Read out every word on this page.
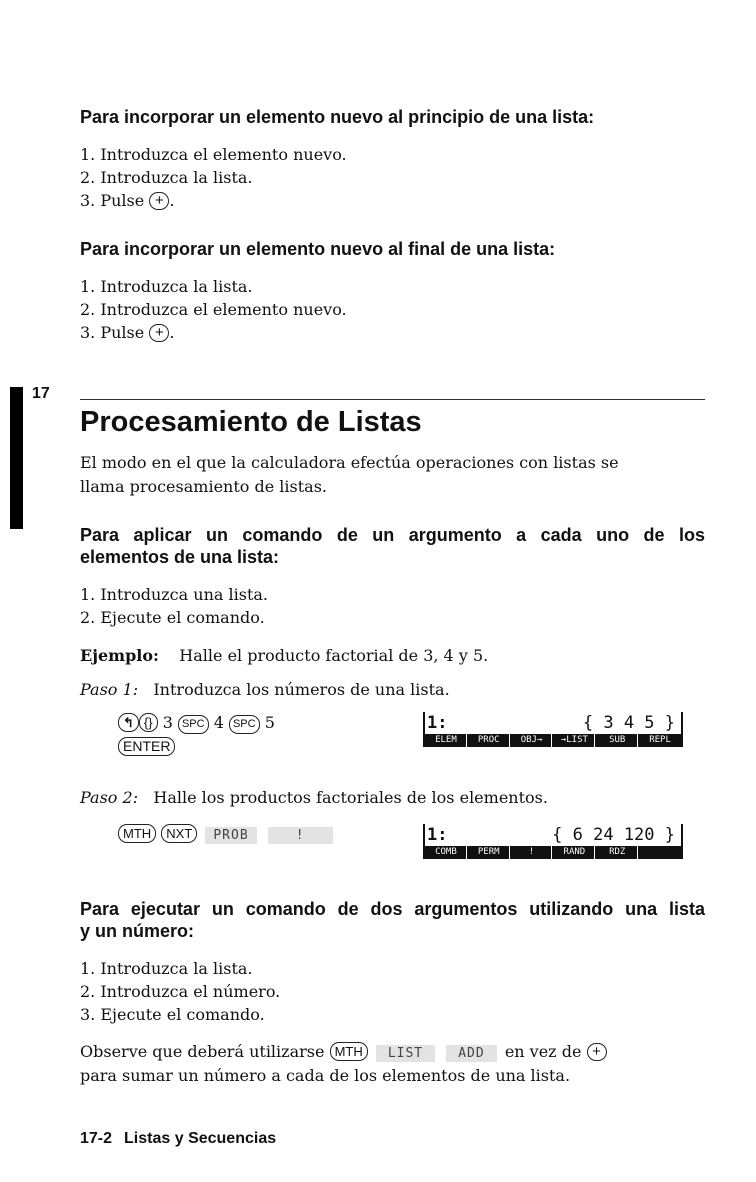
Para incorporar un elemento nuevo al principio de una lista:
1. Introduzca el elemento nuevo.
2. Introduzca la lista.
3. Pulse + .
Para incorporar un elemento nuevo al final de una lista:
1. Introduzca la lista.
2. Introduzca el elemento nuevo.
3. Pulse + .
17
Procesamiento de Listas
El modo en el que la calculadora efectúa operaciones con listas se
llama procesamiento de listas.
Para aplicar un comando de un argumento a cada uno de los
elementos de una lista:
1. Introduzca una lista.
2. Ejecute el comando.
Ejemplo: Halle el producto factorial de 3, 4 y 5.
Paso 1: Introduzca los números de una lista.
↰ {} 3 SPC 4 SPC 5
ENTER
1:	{ 3 4 5 }
ELEM	PROC	OBJ→	→LIST	SUB	REPL
Paso 2: Halle los productos factoriales de los elementos.
MTH NXT PROB	!	1:	{ 6 24 120 }
COMB	PERM	!	RAND	RDZ
Para ejecutar un comando de dos argumentos utilizando una lista
y un número:
1. Introduzca la lista.
2. Introduzca el número.
3. Ejecute el comando.
Observe que deberá utilizarse MTH LIST	ADD en vez de +
para sumar un número a cada de los elementos de una lista.
17-2 Listas y Secuencias
